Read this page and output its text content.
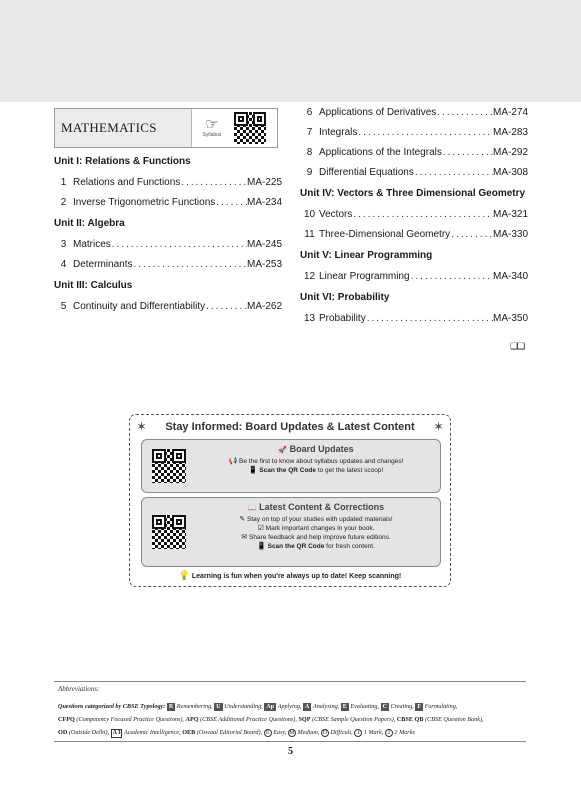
MATHEMATICS	☞
Syllabus
Unit I: Relations & Functions
1 Relations and Functions .....	MA-225
2 Inverse Trigonometric Functions .....	MA-234
Unit II: Algebra
3 Matrices .....	MA-245
4 Determinants .....	MA-253
Unit III: Calculus
5 Continuity and Differentiability .....	MA-262
6 Applications of Derivatives .....	MA-274
7 Integrals .....	MA-283
8 Applications of the Integrals .....	MA-292
9 Differential Equations .....	MA-308
Unit IV: Vectors & Three Dimensional Geometry
10 Vectors .....	MA-321
11 Three-Dimensional Geometry .....	MA-330
Unit V: Linear Programming
12 Linear Programming .....	MA-340
Unit VI: Probability
13 Probability .....	MA-350
❑❑
✶	Stay Informed: Board Updates & Latest Content	✶
🚀 Board Updates
📢 Be the first to know about syllabus updates and changes!
📱 Scan the QR Code to get the latest scoop!
📖 Latest Content & Corrections
✎ Stay on top of your studies with updated materials!
☑ Mark important changes in your book.
✉ Share feedback and help improve future editions.
📱 Scan the QR Code for fresh content.
💡 Learning is fun when you're always up to date! Keep scanning!
Abbreviations:
Questions categorized by CBSE Typology: R Remembering, U Understanding, Ap Applying, A Analysing, E Evaluating, C Creating, F Formulating,
CFPQ (Competency Focused Practice Questions), APQ (CBSE Additional Practice Questions), SQP (CBSE Sample Question Papers), CBSE QB (CBSE Question Bank),
OD (Outside Delhi), A I Academic Intelligence, OEB (Oswaal Editorial Board), E Easy, M Medium, D Difficult, 1 1 Mark, 2 2 Marks
5
